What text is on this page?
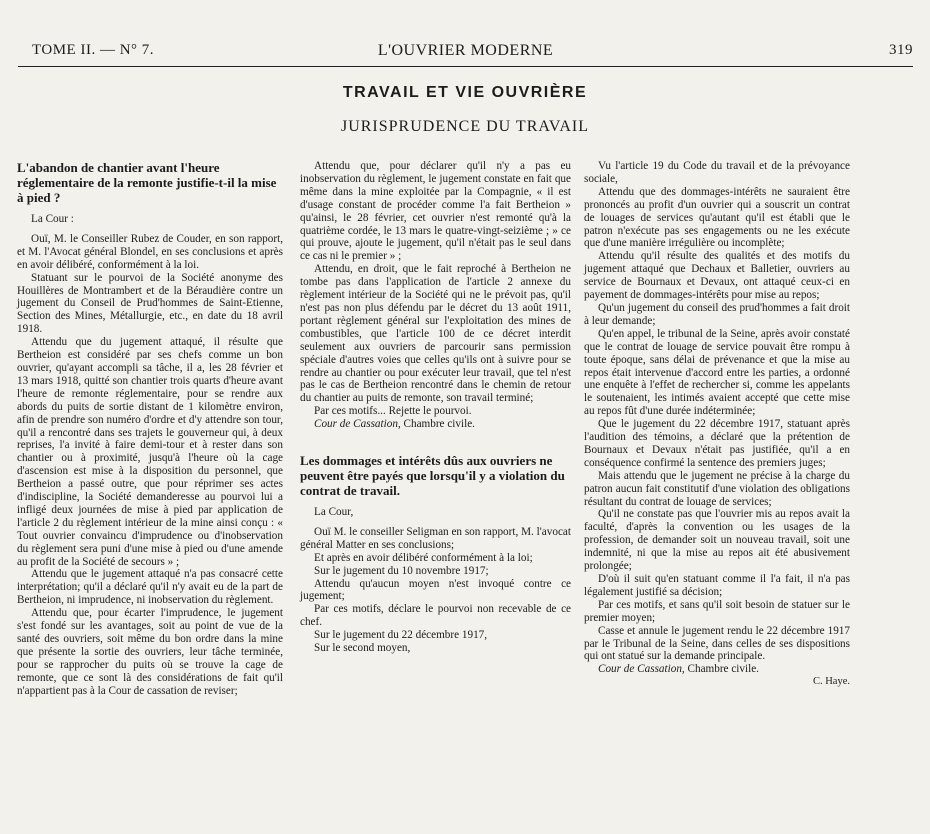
L'OUVRIER MODERNE
TOME II. — N° 7.	319
TRAVAIL ET VIE OUVRIÈRE
JURISPRUDENCE DU TRAVAIL
L'abandon de chantier avant l'heure réglementaire de la remonte justifie-t-il la mise à pied ?

La Cour :

Ouï, M. le Conseiller Rubez de Couder, en son rapport, et M. l'Avocat général Blondel, en ses conclusions et après en avoir délibéré, conformément à la loi.

Statuant sur le pourvoi de la Société anonyme des Houillères de Montrambert et de la Béraudière contre un jugement du Conseil de Prud'hommes de Saint-Etienne, Section des Mines, Métallurgie, etc., en date du 18 avril 1918.

Attendu que du jugement attaqué, il résulte que Bertheion est considéré par ses chefs comme un bon ouvrier, qu'ayant accompli sa tâche, il a, les 28 février et 13 mars 1918, quitté son chantier trois quarts d'heure avant l'heure de remonte réglementaire, pour se rendre aux abords du puits de sortie distant de 1 kilomètre environ, afin de prendre son numéro d'ordre et d'y attendre son tour, qu'il a rencontré dans ses trajets le gouverneur qui, à deux reprises, l'a invité à faire demi-tour et à rester dans son chantier ou à proximité, jusqu'à l'heure où la cage d'ascension est mise à la disposition du personnel, que Bertheion a passé outre, que pour réprimer ses actes d'indiscipline, la Société demanderesse au pourvoi lui a infligé deux journées de mise à pied par application de l'article 2 du règlement intérieur de la mine ainsi conçu : « Tout ouvrier convaincu d'imprudence ou d'inobservation du règlement sera puni d'une mise à pied ou d'une amende au profit de la Société de secours » ;

Attendu que le jugement attaqué n'a pas consacré cette interprétation; qu'il a déclaré qu'il n'y avait eu de la part de Bertheion, ni imprudence, ni inobservation du règlement.

Attendu que, pour écarter l'imprudence, le jugement s'est fondé sur les avantages, soit au point de vue de la santé des ouvriers, soit même du bon ordre dans la mine que présente la sortie des ouvriers, leur tâche terminée, pour se rapprocher du puits où se trouve la cage de remonte, que ce sont là des considérations de fait qu'il n'appartient pas à la Cour de cassation de reviser;

Attendu que, pour déclarer qu'il n'y a pas eu inobservation du règlement, le jugement constate en fait que même dans la mine exploitée par la Compagnie, « il est d'usage constant de procéder comme l'a fait Bertheion » qu'ainsi, le 28 février, cet ouvrier n'est remonté qu'à la quatrième cordée, le 13 mars le quatre-vingt-seizième ; » ce qui prouve, ajoute le jugement, qu'il n'était pas le seul dans ce cas ni le premier » ;

Attendu, en droit, que le fait reproché à Bertheion ne tombe pas dans l'application de l'article 2 annexe du règlement intérieur de la Société qui ne le prévoit pas, qu'il n'est pas non plus défendu par le décret du 13 août 1911, portant règlement général sur l'exploitation des mines de combustibles, que l'article 100 de ce décret interdit seulement aux ouvriers de parcourir sans permission spéciale d'autres voies que celles qu'ils ont à suivre pour se rendre au chantier ou pour exécuter leur travail, que tel n'est pas le cas de Bertheion rencontré dans le chemin de retour du chantier au puits de remonte, son travail terminé;

Par ces motifs... Rejette le pourvoi.

Cour de Cassation, Chambre civile.

Les dommages et intérêts dûs aux ouvriers ne peuvent être payés que lorsqu'il y a violation du contrat de travail.

La Cour,

Ouï M. le conseiller Seligman en son rapport, M. l'avocat général Matter en ses conclusions;

Et après en avoir délibéré conformément à la loi;

Sur le jugement du 10 novembre 1917;

Attendu qu'aucun moyen n'est invoqué contre ce jugement;

Par ces motifs, déclare le pourvoi non recevable de ce chef.

Sur le jugement du 22 décembre 1917,

Sur le second moyen,

Vu l'article 19 du Code du travail et de la prévoyance sociale,

Attendu que des dommages-intérêts ne sauraient être prononcés au profit d'un ouvrier qui a souscrit un contrat de louages de services qu'autant qu'il est établi que le patron n'exécute pas ses engagements ou ne les exécute que d'une manière irrégulière ou incomplète;

Attendu qu'il résulte des qualités et des motifs du jugement attaqué que Dechaux et Balletier, ouvriers au service de Bournaux et Devaux, ont attaqué ceux-ci en payement de dommages-intérêts pour mise au repos;

Qu'un jugement du conseil des prud'hommes a fait droit à leur demande;

Qu'en appel, le tribunal de la Seine, après avoir constaté que le contrat de louage de service pouvait être rompu à toute époque, sans délai de prévenance et que la mise au repos était intervenue d'accord entre les parties, a ordonné une enquête à l'effet de rechercher si, comme les appelants le soutenaient, les intimés avaient accepté que cette mise au repos fût d'une durée indéterminée;

Que le jugement du 22 décembre 1917, statuant après l'audition des témoins, a déclaré que la prétention de Bournaux et Devaux n'était pas justifiée, qu'il a en conséquence confirmé la sentence des premiers juges;

Mais attendu que le jugement ne précise à la charge du patron aucun fait constitutif d'une violation des obligations résultant du contrat de louage de services;

Qu'il ne constate pas que l'ouvrier mis au repos avait la faculté, d'après la convention ou les usages de la profession, de demander soit un nouveau travail, soit une indemnité, ni que la mise au repos ait été abusivement prolongée;

D'où il suit qu'en statuant comme il l'a fait, il n'a pas légalement justifié sa décision;

Par ces motifs, et sans qu'il soit besoin de statuer sur le premier moyen;

Casse et annule le jugement rendu le 22 décembre 1917 par le Tribunal de la Seine, dans celles de ses dispositions qui ont statué sur la demande principale.

Cour de Cassation, Chambre civile.

C. Haye.
